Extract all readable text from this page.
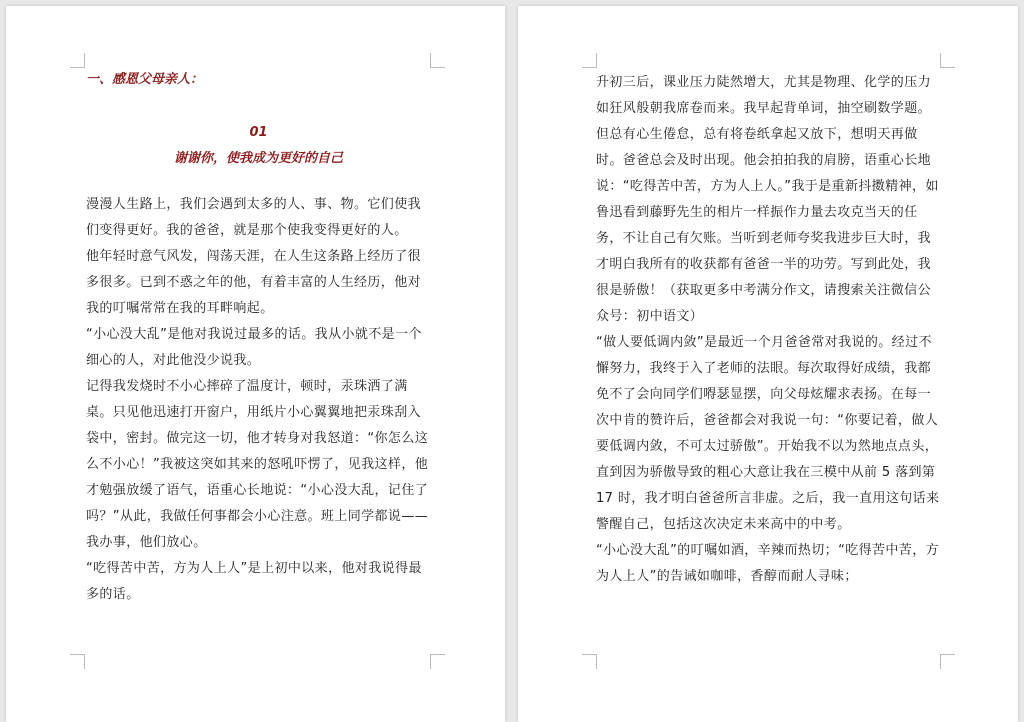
一、感恩父母亲人：
01
谢谢你，使我成为更好的自己

漫漫人生路上，我们会遇到太多的人、事、物。它们使我们变得更好。我的爸爸，就是那个使我变得更好的人。

他年轻时意气风发，闯荡天涯，在人生这条路上经历了很多很多。已到不惑之年的他，有着丰富的人生经历，他对我的叮嘱常常在我的耳畔响起。

“小心没大乱”是他对我说过最多的话。我从小就不是一个细心的人，对此他没少说我。

记得我发烧时不小心摔碎了温度计，顿时，汞珠洒了满桌。只见他迅速打开窗户，用纸片小心翼翼地把汞珠刮入袋中，密封。做完这一切，他才转身对我怒道：“你怎么这么不小心！”我被这突如其来的怒吼吓愣了，见我这样，他才勉强放缓了语气，语重心长地说：“小心没大乱，记住了吗？”从此，我做任何事都会小心注意。班上同学都说——我办事，他们放心。

“吃得苦中苦，方为人上人”是上初中以来，他对我说得最多的话。

升初三后，课业压力陡然增大，尤其是物理、化学的压力如狂风般朝我席卷而来。我早起背单词，抽空刷数学题。但总有心生倦怠，总有将卷纸拿起又放下，想明天再做时。爸爸总会及时出现。他会拍拍我的肩膀，语重心长地说：“吃得苦中苦，方为人上人。”我于是重新抖擞精神，如鲁迅看到藤野先生的相片一样振作力量去攻克当天的任务，不让自己有欠账。当听到老师夸奖我进步巨大时，我才明白我所有的收获都有爸爸一半的功劳。写到此处，我很是骄傲！（获取更多中考满分作文，请搜索关注微信公众号：初中语文）

“做人要低调内敛”是最近一个月爸爸常对我说的。经过不懈努力，我终于入了老师的法眼。每次取得好成绩，我都免不了会向同学们嘚瑟显摆，向父母炫耀求表扬。在每一次中肯的赞许后，爸爸都会对我说一句：“你要记着，做人要低调内敛，不可太过骄傲”。开始我不以为然地点点头，直到因为骄傲导致的粗心大意让我在三模中从前 5 落到第 17 时，我才明白爸爸所言非虚。之后，我一直用这句话来警醒自己，包括这次决定未来高中的中考。

“小心没大乱”的叮嘱如酒，辛辣而热切；“吃得苦中苦，方为人上人”的告诫如咖啡，香醇而耐人寻味；
